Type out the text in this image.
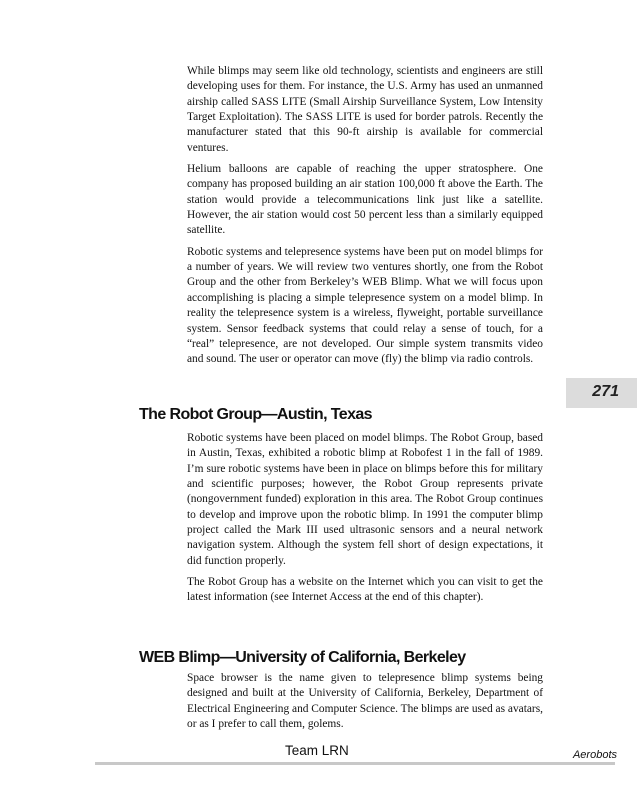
While blimps may seem like old technology, scientists and engineers are still developing uses for them. For instance, the U.S. Army has used an unmanned airship called SASS LITE (Small Airship Surveillance System, Low Intensity Target Exploitation). The SASS LITE is used for border patrols. Recently the manufacturer stated that this 90-ft airship is available for commercial ventures.

Helium balloons are capable of reaching the upper stratosphere. One company has proposed building an air station 100,000 ft above the Earth. The station would provide a telecommunications link just like a satellite. However, the air station would cost 50 percent less than a similarly equipped satellite.

Robotic systems and telepresence systems have been put on model blimps for a number of years. We will review two ventures shortly, one from the Robot Group and the other from Berkeley’s WEB Blimp. What we will focus upon accomplishing is placing a simple telepresence system on a model blimp. In reality the telepresence system is a wireless, flyweight, portable surveillance system. Sensor feedback systems that could relay a sense of touch, for a “real” telepresence, are not developed. Our simple system transmits video and sound. The user or operator can move (fly) the blimp via radio controls.

271
The Robot Group—Austin, Texas

Robotic systems have been placed on model blimps. The Robot Group, based in Austin, Texas, exhibited a robotic blimp at Robofest 1 in the fall of 1989. I’m sure robotic systems have been in place on blimps before this for military and scientific purposes; however, the Robot Group represents private (nongovernment funded) exploration in this area. The Robot Group continues to develop and improve upon the robotic blimp. In 1991 the computer blimp project called the Mark III used ultrasonic sensors and a neural network navigation system. Although the system fell short of design expectations, it did function properly.

The Robot Group has a website on the Internet which you can visit to get the latest information (see Internet Access at the end of this chapter).

WEB Blimp—University of California, Berkeley

Space browser is the name given to telepresence blimp systems being designed and built at the University of California, Berkeley, Department of Electrical Engineering and Computer Science. The blimps are used as avatars, or as I prefer to call them, golems.

Team LRN	Aerobots
